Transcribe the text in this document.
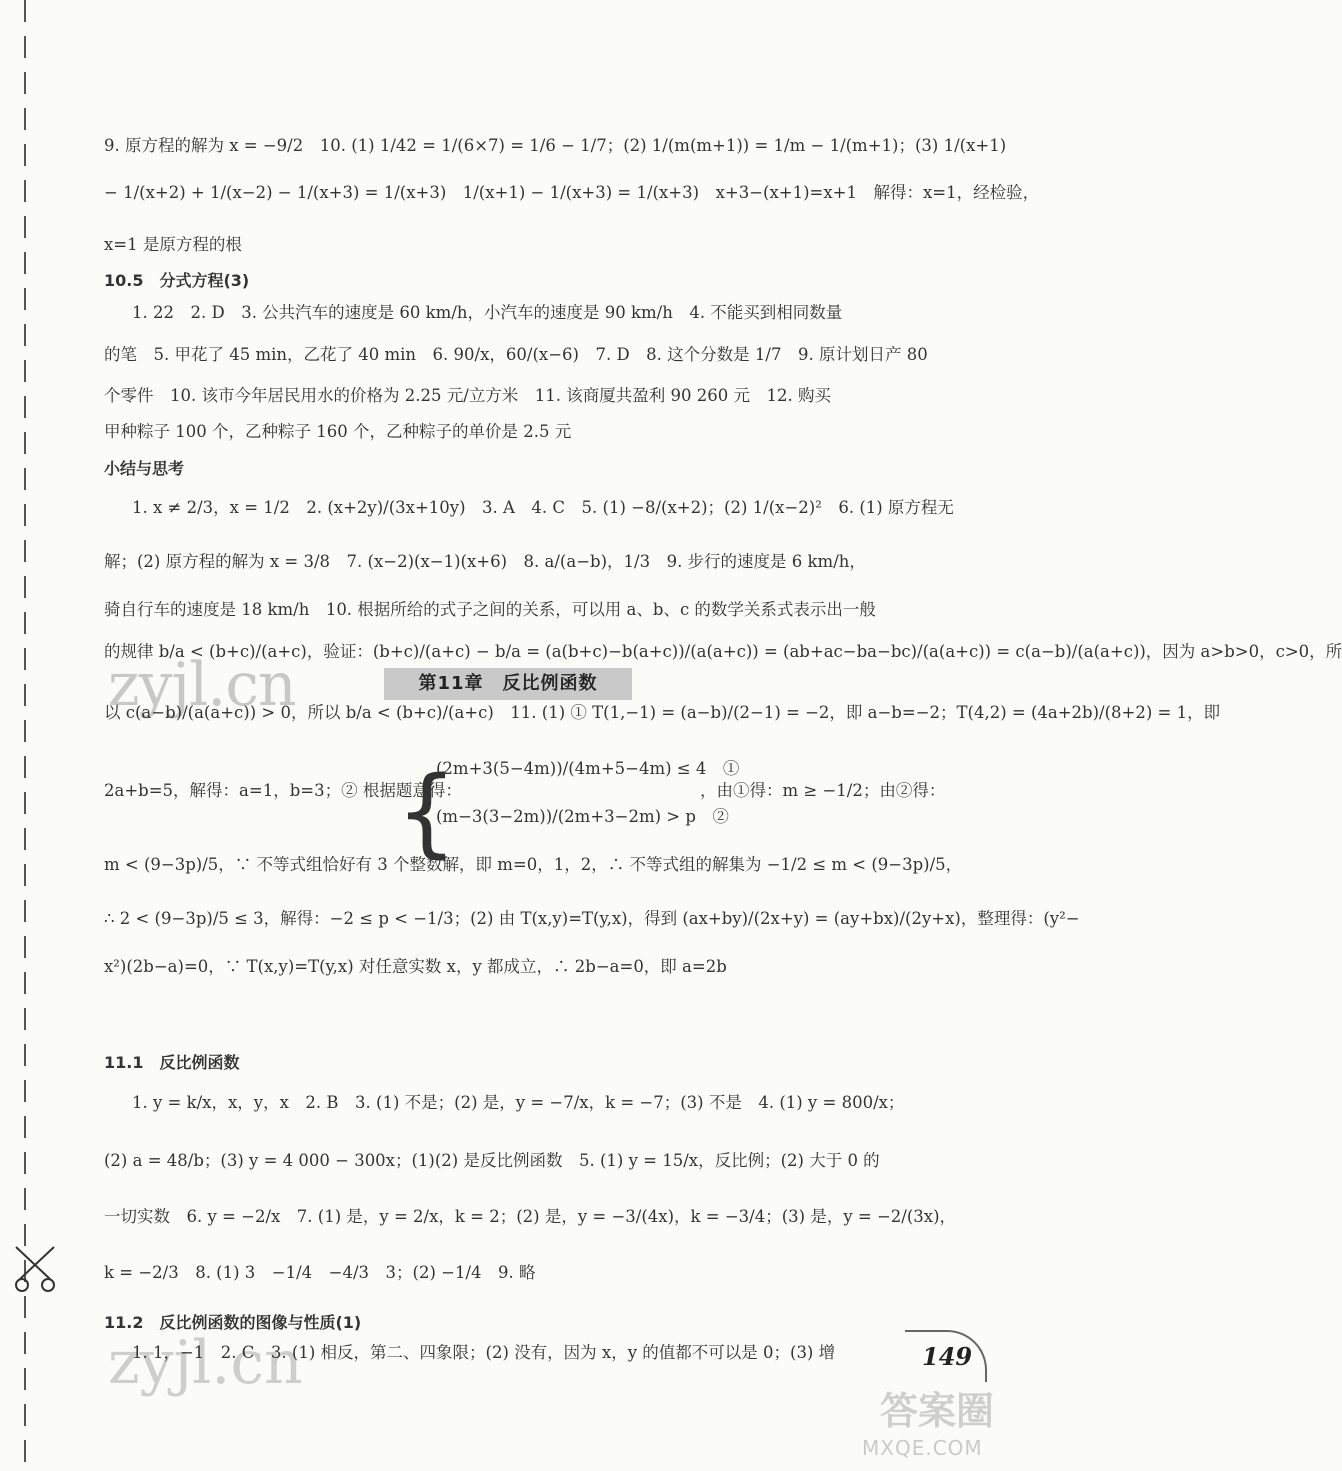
zyjl.cn
zyjl.cn
9. 原方程的解为 x = −9/2　10. (1) 1/42 = 1/(6×7) = 1/6 − 1/7；(2) 1/(m(m+1)) = 1/m − 1/(m+1)；(3) 1/(x+1)
− 1/(x+2) + 1/(x−2) − 1/(x+3) = 1/(x+3)　1/(x+1) − 1/(x+3) = 1/(x+3)　x+3−(x+1)=x+1　解得：x=1，经检验，
x=1 是原方程的根
10.5　分式方程(3)
1. 22　2. D　3. 公共汽车的速度是 60 km/h，小汽车的速度是 90 km/h　4. 不能买到相同数量
的笔　5. 甲花了 45 min，乙花了 40 min　6. 90/x，60/(x−6)　7. D　8. 这个分数是 1/7　9. 原计划日产 80
个零件　10. 该市今年居民用水的价格为 2.25 元/立方米　11. 该商厦共盈利 90 260 元　12. 购买
甲种粽子 100 个，乙种粽子 160 个，乙种粽子的单价是 2.5 元
小结与思考
1. x ≠ 2/3，x = 1/2　2. (x+2y)/(3x+10y)　3. A　4. C　5. (1) −8/(x+2)；(2) 1/(x−2)²　6. (1) 原方程无
解；(2) 原方程的解为 x = 3/8　7. (x−2)(x−1)(x+6)　8. a/(a−b)，1/3　9. 步行的速度是 6 km/h，
骑自行车的速度是 18 km/h　10. 根据所给的式子之间的关系，可以用 a、b、c 的数学关系式表示出一般
的规律 b/a < (b+c)/(a+c)，验证：(b+c)/(a+c) − b/a = (a(b+c)−b(a+c))/(a(a+c)) = (ab+ac−ba−bc)/(a(a+c)) = c(a−b)/(a(a+c))，因为 a>b>0，c>0，所
以 c(a−b)/(a(a+c)) > 0，所以 b/a < (b+c)/(a+c)　11. (1) ① T(1,−1) = (a−b)/(2−1) = −2，即 a−b=−2；T(4,2) = (4a+2b)/(8+2) = 1，即
2a+b=5，解得：a=1，b=3；② 根据题意得：
{
(2m+3(5−4m))/(4m+5−4m) ≤ 4　①
(m−3(3−2m))/(2m+3−2m) > p　②
，由①得：m ≥ −1/2；由②得：
m < (9−3p)/5，∵ 不等式组恰好有 3 个整数解，即 m=0，1，2，∴ 不等式组的解集为 −1/2 ≤ m < (9−3p)/5，
∴ 2 < (9−3p)/5 ≤ 3，解得：−2 ≤ p < −1/3；(2) 由 T(x,y)=T(y,x)，得到 (ax+by)/(2x+y) = (ay+bx)/(2y+x)，整理得：(y²−
x²)(2b−a)=0，∵ T(x,y)=T(y,x) 对任意实数 x，y 都成立，∴ 2b−a=0，即 a=2b
第11章　反比例函数
11.1　反比例函数
1. y = k/x，x，y，x　2. B　3. (1) 不是；(2) 是，y = −7/x，k = −7；(3) 不是　4. (1) y = 800/x；
(2) a = 48/b；(3) y = 4 000 − 300x；(1)(2) 是反比例函数　5. (1) y = 15/x，反比例；(2) 大于 0 的
一切实数　6. y = −2/x　7. (1) 是，y = 2/x，k = 2；(2) 是，y = −3/(4x)，k = −3/4；(3) 是，y = −2/(3x)，
k = −2/3　8. (1) 3　−1/4　−4/3　3；(2) −1/4　9. 略
11.2　反比例函数的图像与性质(1)
1. 1，−1　2. C　3. (1) 相反，第二、四象限；(2) 没有，因为 x，y 的值都不可以是 0；(3) 增	149
答案圈
MXQE.COM
